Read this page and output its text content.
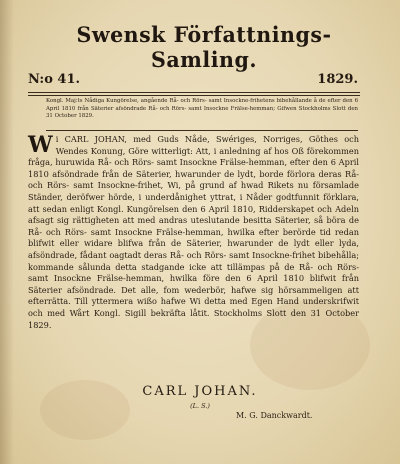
Swensk Författnings-Samling.
N:o 41.	1829.
Kongl. Maj:ts Nådiga Kungörelse, angående Rå- och Rörs- samt Insockne-frihetens bibehållande å de efter den 6 April 1810 från Säterier afsöndrade Rå- och Rörs- samt Insockne Frälse-hemman; Gifwen Stockholms Slott den 31 October 1829.

Wi CARL JOHAN, med Guds Nåde, Swériges, Norriges, Göthes och Wendes Konung, Göre witterligt: Att, i anledning af hos Oß förekommen fråga, huruwida Rå- och Rörs- samt Insockne Frälse-hemman, efter den 6 April 1810 afsöndrade från de Säterier, hwarunder de lydt, borde förlora deras Rå- och Rörs- samt Insockne-frihet, Wi, på grund af hwad Rikets nu församlade Ständer, deröfwer hörde, i underdånighet yttrat, i Nåder godtfunnit förklara, att sedan enligt Kongl. Kungörelsen den 6 April 1810, Ridderskapet och Adeln afsagt sig rättigheten att med andras uteslutande besitta Säterier, så böra de Rå- och Rörs- samt Insockne Frälse-hemman, hwilka efter berörde tid redan blifwit eller widare blifwa från de Säterier, hwarunder de lydt eller lyda, afsöndrade, fådant oagtadt deras Rå- och Rörs- samt Insockne-frihet bibehålla; kommande sålunda detta stadgande icke att tillämpas på de Rå- och Rörs- samt Insockne Frälse-hemman, hwilka före den 6 April 1810 blifwit från Säterier afsöndrade. Det alle, fom wederbör, hafwe sig hörsammeligen att efterrätta. Till yttermera wißo hafwe Wi detta med Egen Hand underskrifwit och med Wårt Kongl. Sigill bekräfta låtit. Stockholms Slott den 31 October 1829.

CARL JOHAN.
(L. S.)
M. G. Danckwardt.
